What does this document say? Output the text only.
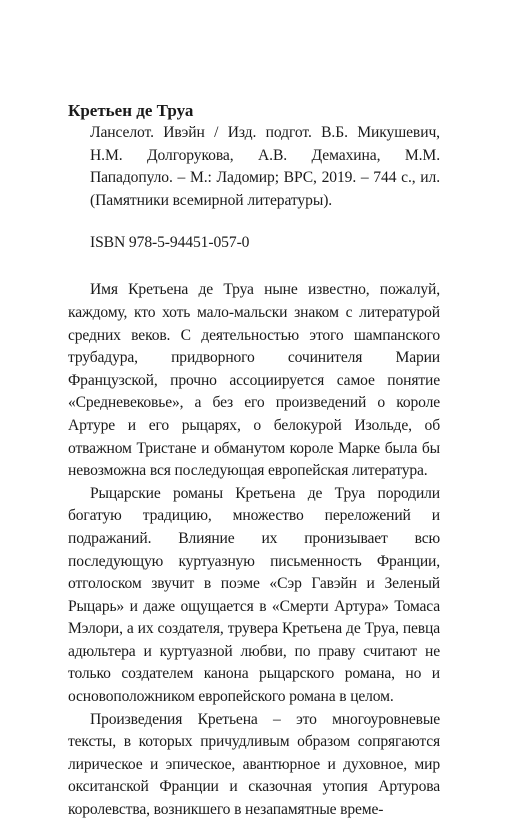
Кретьен де Труа

Ланселот. Ивэйн / Изд. подгот. В.Б. Микушевич, Н.М. Долгорукова, А.В. Демахина, М.М. Пападопуло. – М.: Ладомир; ВРС, 2019. – 744 с., ил. (Памятники всемирной литературы).

ISBN 978-5-94451-057-0

Имя Кретьена де Труа ныне известно, пожалуй, каждому, кто хоть мало-мальски знаком с литературой средних веков. С деятельностью этого шампанского трубадура, придворного сочинителя Марии Французской, прочно ассоциируется самое понятие «Средневековье», а без его произведений о короле Артуре и его рыцарях, о белокурой Изольде, об отважном Тристане и обманутом короле Марке была бы невозможна вся последующая европейская литература.

Рыцарские романы Кретьена де Труа породили богатую традицию, множество переложений и подражаний. Влияние их пронизывает всю последующую куртуазную письменность Франции, отголоском звучит в поэме «Сэр Гавэйн и Зеленый Рыцарь» и даже ощущается в «Смерти Артура» Томаса Мэлори, а их создателя, трувера Кретьена де Труа, певца адюльтера и куртуазной любви, по праву считают не только создателем канона рыцарского романа, но и основоположником европейского романа в целом.

Произведения Кретьена – это многоуровневые тексты, в которых причудливым образом сопрягаются лирическое и эпическое, авантюрное и духовное, мир окситанской Франции и сказочная утопия Артурова королевства, возникшего в незапамятные време-
